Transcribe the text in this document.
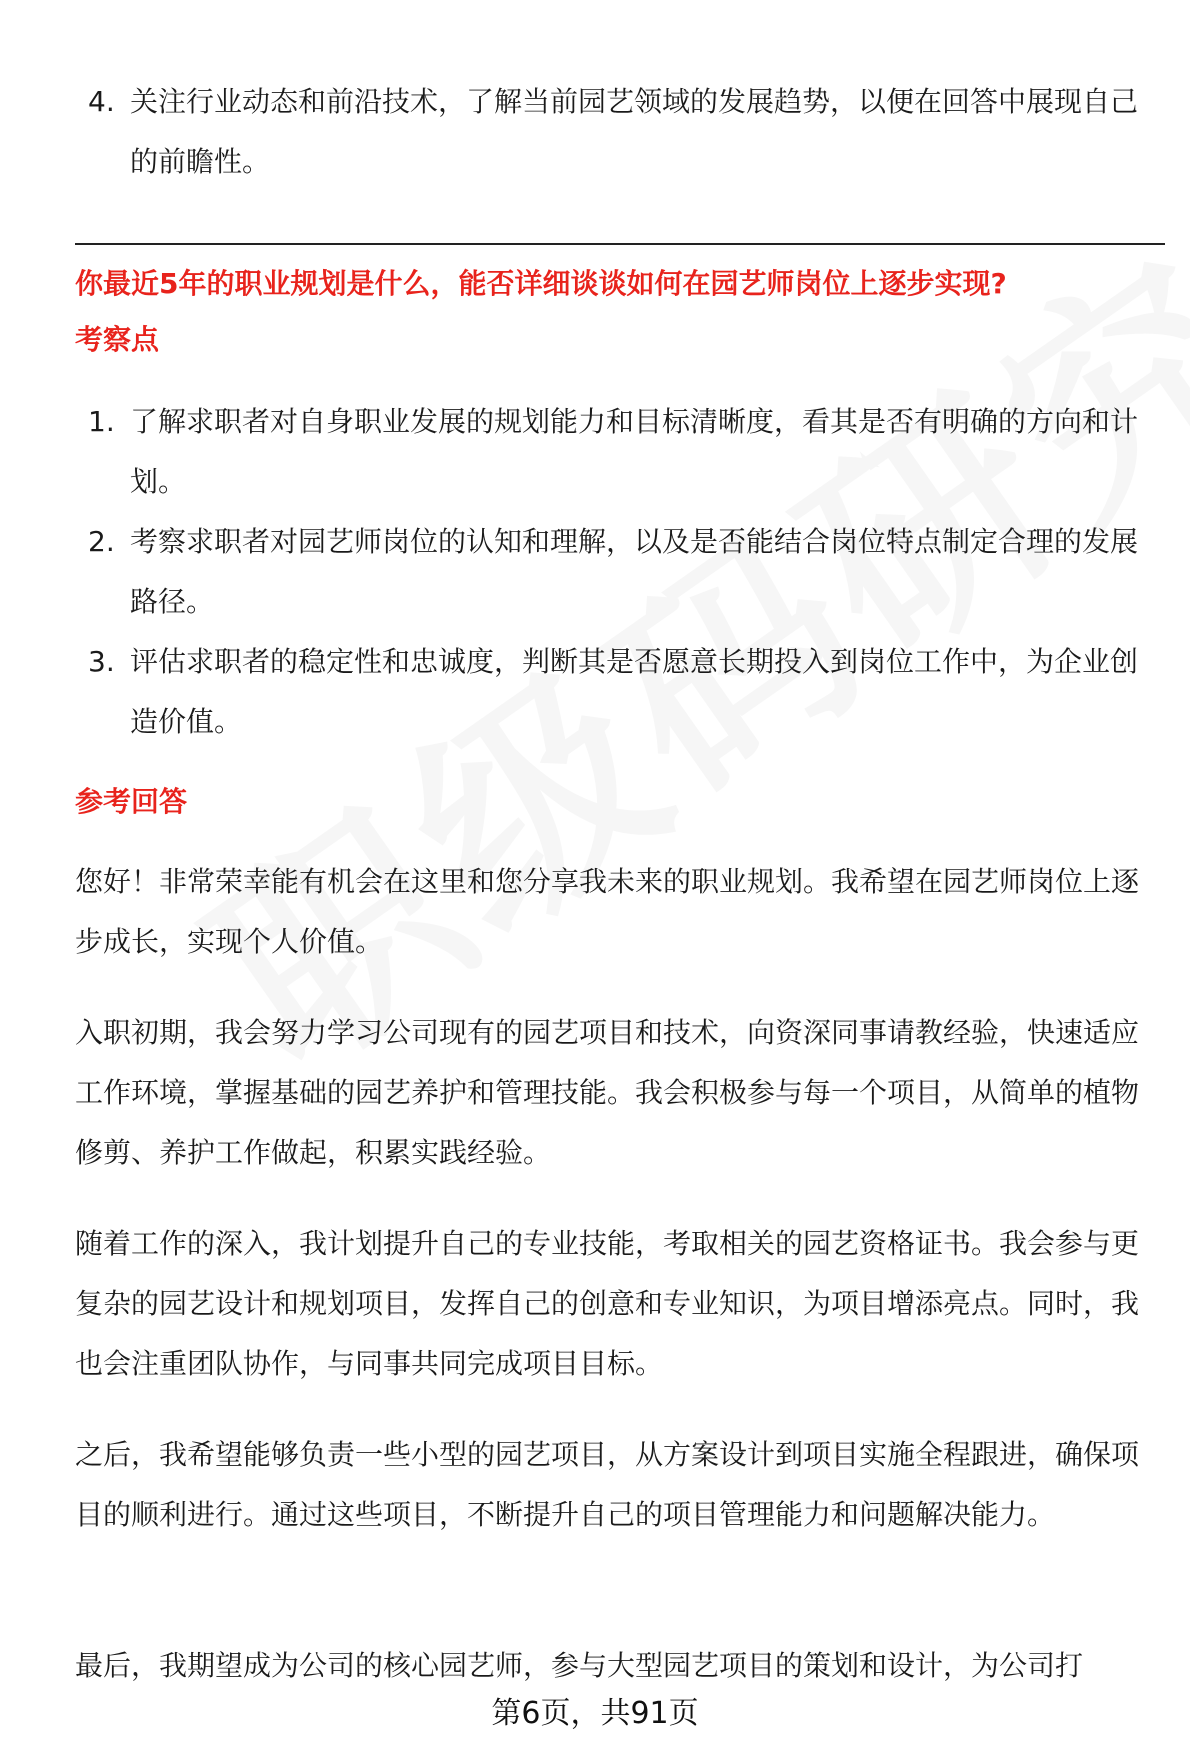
4. 关注行业动态和前沿技术，了解当前园艺领域的发展趋势，以便在回答中展现自己的前瞻性。
你最近5年的职业规划是什么，能否详细谈谈如何在园艺师岗位上逐步实现?
考察点
1. 了解求职者对自身职业发展的规划能力和目标清晰度，看其是否有明确的方向和计划。
2. 考察求职者对园艺师岗位的认知和理解，以及是否能结合岗位特点制定合理的发展路径。
3. 评估求职者的稳定性和忠诚度，判断其是否愿意长期投入到岗位工作中，为企业创造价值。
参考回答

您好！非常荣幸能有机会在这里和您分享我未来的职业规划。我希望在园艺师岗位上逐步成长，实现个人价值。

入职初期，我会努力学习公司现有的园艺项目和技术，向资深同事请教经验，快速适应工作环境，掌握基础的园艺养护和管理技能。我会积极参与每一个项目，从简单的植物修剪、养护工作做起，积累实践经验。

随着工作的深入，我计划提升自己的专业技能，考取相关的园艺资格证书。我会参与更复杂的园艺设计和规划项目，发挥自己的创意和专业知识，为项目增添亮点。同时，我也会注重团队协作，与同事共同完成项目目标。

之后，我希望能够负责一些小型的园艺项目，从方案设计到项目实施全程跟进，确保项目的顺利进行。通过这些项目，不断提升自己的项目管理能力和问题解决能力。

最后，我期望成为公司的核心园艺师，参与大型园艺项目的策划和设计，为公司打

第6页，共91页
